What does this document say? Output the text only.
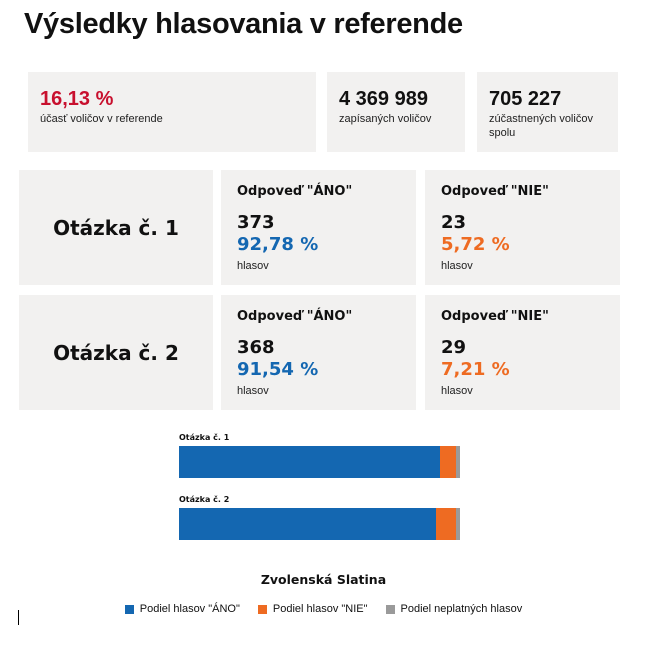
Výsledky hlasovania v referende
16,13 %
účasť voličov v referende
4 369 989
zapísaných voličov
705 227
zúčastnených voličov spolu
Otázka č. 1
Odpoveď "ÁNO"
373
92,78 %
hlasov
Odpoveď "NIE"
23
5,72 %
hlasov
Otázka č. 2
Odpoveď "ÁNO"
368
91,54 %
hlasov
Odpoveď "NIE"
29
7,21 %
hlasov
Otázka č. 1
Otázka č. 2
Zvolenská Slatina
Podiel hlasov "ÁNO"	Podiel hlasov "NIE"	Podiel neplatných hlasov
